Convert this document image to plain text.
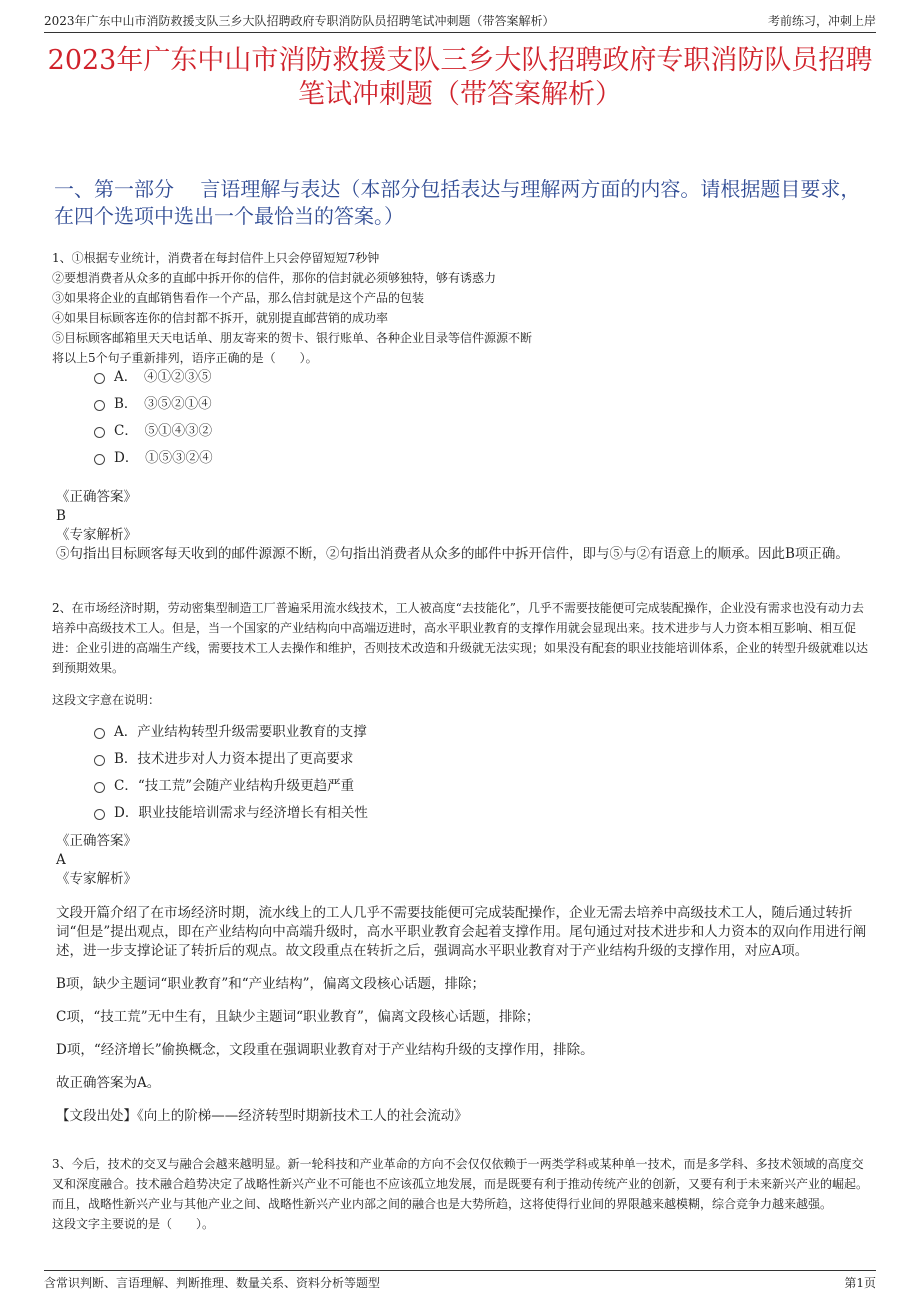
2023年广东中山市消防救援支队三乡大队招聘政府专职消防队员招聘笔试冲刺题（带答案解析）	考前练习，冲刺上岸
2023年广东中山市消防救援支队三乡大队招聘政府专职消防队员招聘笔试冲刺题（带答案解析）
一、第一部分　 言语理解与表达（本部分包括表达与理解两方面的内容。请根据题目要求，在四个选项中选出一个最恰当的答案。）

1、①根据专业统计，消费者在每封信件上只会停留短短7秒钟

②要想消费者从众多的直邮中拆开你的信件，那你的信封就必须够独特，够有诱惑力

③如果将企业的直邮销售看作一个产品，那么信封就是这个产品的包装

④如果目标顾客连你的信封都不拆开，就别提直邮营销的成功率

⑤目标顾客邮箱里天天电话单、朋友寄来的贺卡、银行账单、各种企业目录等信件源源不断

将以上5个句子重新排列，语序正确的是（　　）。

A．　④①②③⑤
B．　③⑤②①④
C．　⑤①④③②
D．　①⑤③②④

《正确答案》

B

《专家解析》

⑤句指出目标顾客每天收到的邮件源源不断，②句指出消费者从众多的邮件中拆开信件，即与⑤与②有语意上的顺承。因此B项正确。

2、在市场经济时期，劳动密集型制造工厂普遍采用流水线技术，工人被高度“去技能化”，几乎不需要技能便可完成装配操作，企业没有需求也没有动力去培养中高级技术工人。但是，当一个国家的产业结构向中高端迈进时，高水平职业教育的支撑作用就会显现出来。技术进步与人力资本相互影响、相互促进：企业引进的高端生产线，需要技术工人去操作和维护，否则技术改造和升级就无法实现；如果没有配套的职业技能培训体系，企业的转型升级就难以达到预期效果。

这段文字意在说明：

A．产业结构转型升级需要职业教育的支撑
B．技术进步对人力资本提出了更高要求
C．“技工荒”会随产业结构升级更趋严重
D．职业技能培训需求与经济增长有相关性

《正确答案》

A

《专家解析》

文段开篇介绍了在市场经济时期，流水线上的工人几乎不需要技能便可完成装配操作，企业无需去培养中高级技术工人，随后通过转折词“但是”提出观点，即在产业结构向中高端升级时，高水平职业教育会起着支撑作用。尾句通过对技术进步和人力资本的双向作用进行阐述，进一步支撑论证了转折后的观点。故文段重点在转折之后，强调高水平职业教育对于产业结构升级的支撑作用，对应A项。

B项，缺少主题词“职业教育”和“产业结构”，偏离文段核心话题，排除；

C项，“技工荒”无中生有，且缺少主题词“职业教育”，偏离文段核心话题，排除；

D项，“经济增长”偷换概念，文段重在强调职业教育对于产业结构升级的支撑作用，排除。

故正确答案为A。

【文段出处】《向上的阶梯——经济转型时期新技术工人的社会流动》

3、今后，技术的交叉与融合会越来越明显。新一轮科技和产业革命的方向不会仅仅依赖于一两类学科或某种单一技术，而是多学科、多技术领域的高度交叉和深度融合。技术融合趋势决定了战略性新兴产业不可能也不应该孤立地发展，而是既要有利于推动传统产业的创新，又要有利于未来新兴产业的崛起。而且，战略性新兴产业与其他产业之间、战略性新兴产业内部之间的融合也是大势所趋，这将使得行业间的界限越来越模糊，综合竞争力越来越强。

这段文字主要说的是（　　）。

含常识判断、言语理解、判断推理、数量关系、资料分析等题型	第1页
